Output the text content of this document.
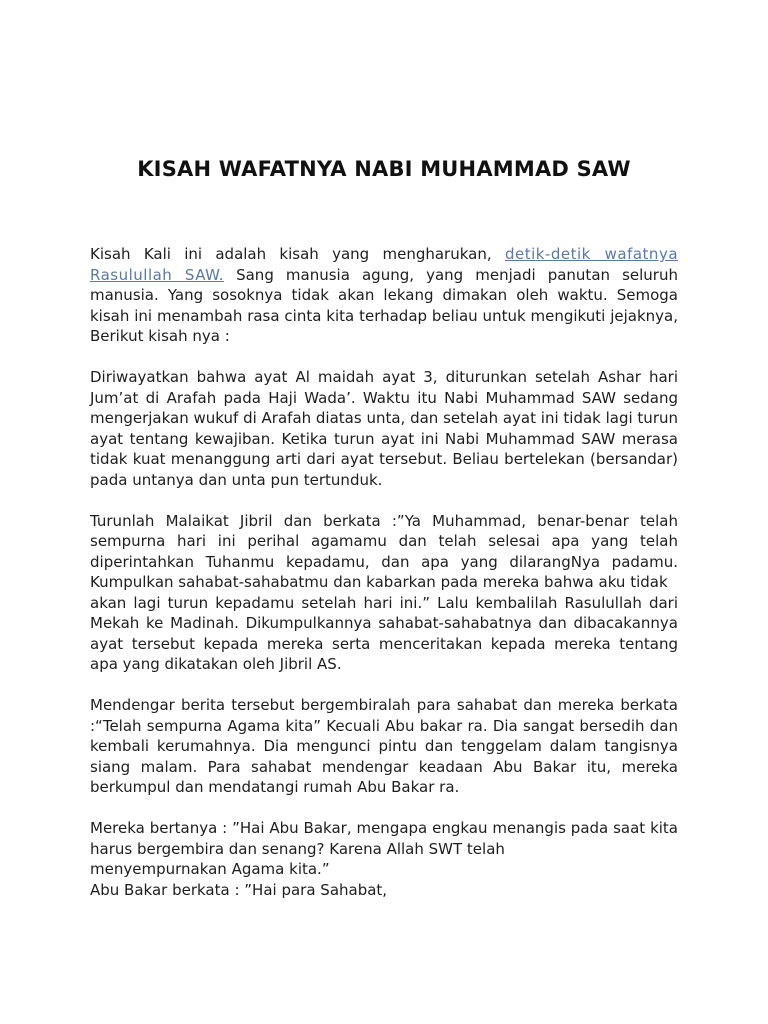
KISAH WAFATNYA NABI MUHAMMAD SAW

Kisah Kali ini adalah kisah yang mengharukan, detik-detik wafatnya Rasulullah SAW. Sang manusia agung, yang menjadi panutan seluruh manusia. Yang sosoknya tidak akan lekang dimakan oleh waktu. Semoga kisah ini menambah rasa cinta kita terhadap beliau untuk mengikuti jejaknya, Berikut kisah nya :

Diriwayatkan bahwa ayat Al maidah ayat 3, diturunkan setelah Ashar hari Jum’at di Arafah pada Haji Wada’. Waktu itu Nabi Muhammad SAW sedang mengerjakan wukuf di Arafah diatas unta, dan setelah ayat ini tidak lagi turun ayat tentang kewajiban. Ketika turun ayat ini Nabi Muhammad SAW merasa tidak kuat menanggung arti dari ayat tersebut. Beliau bertelekan (bersandar) pada untanya dan unta pun tertunduk.

Turunlah Malaikat Jibril dan berkata :”Ya Muhammad, benar-benar telah sempurna hari ini perihal agamamu dan telah selesai apa yang telah diperintahkan Tuhanmu kepadamu, dan apa yang dilarangNya padamu. Kumpulkan sahabat-sahabatmu dan kabarkan pada mereka bahwa aku tidak

akan lagi turun kepadamu setelah hari ini.” Lalu kembalilah Rasulullah dari Mekah ke Madinah. Dikumpulkannya sahabat-sahabatnya dan dibacakannya ayat tersebut kepada mereka serta menceritakan kepada mereka tentang apa yang dikatakan oleh Jibril AS.

Mendengar berita tersebut bergembiralah para sahabat dan mereka berkata :“Telah sempurna Agama kita” Kecuali Abu bakar ra. Dia sangat bersedih dan kembali kerumahnya. Dia mengunci pintu dan tenggelam dalam tangisnya siang malam. Para sahabat mendengar keadaan Abu Bakar itu, mereka berkumpul dan mendatangi rumah Abu Bakar ra.

Mereka bertanya : ”Hai Abu Bakar, mengapa engkau menangis pada saat kita harus bergembira dan senang? Karena Allah SWT telah

menyempurnakan Agama kita.”

Abu Bakar berkata : ”Hai para Sahabat,
